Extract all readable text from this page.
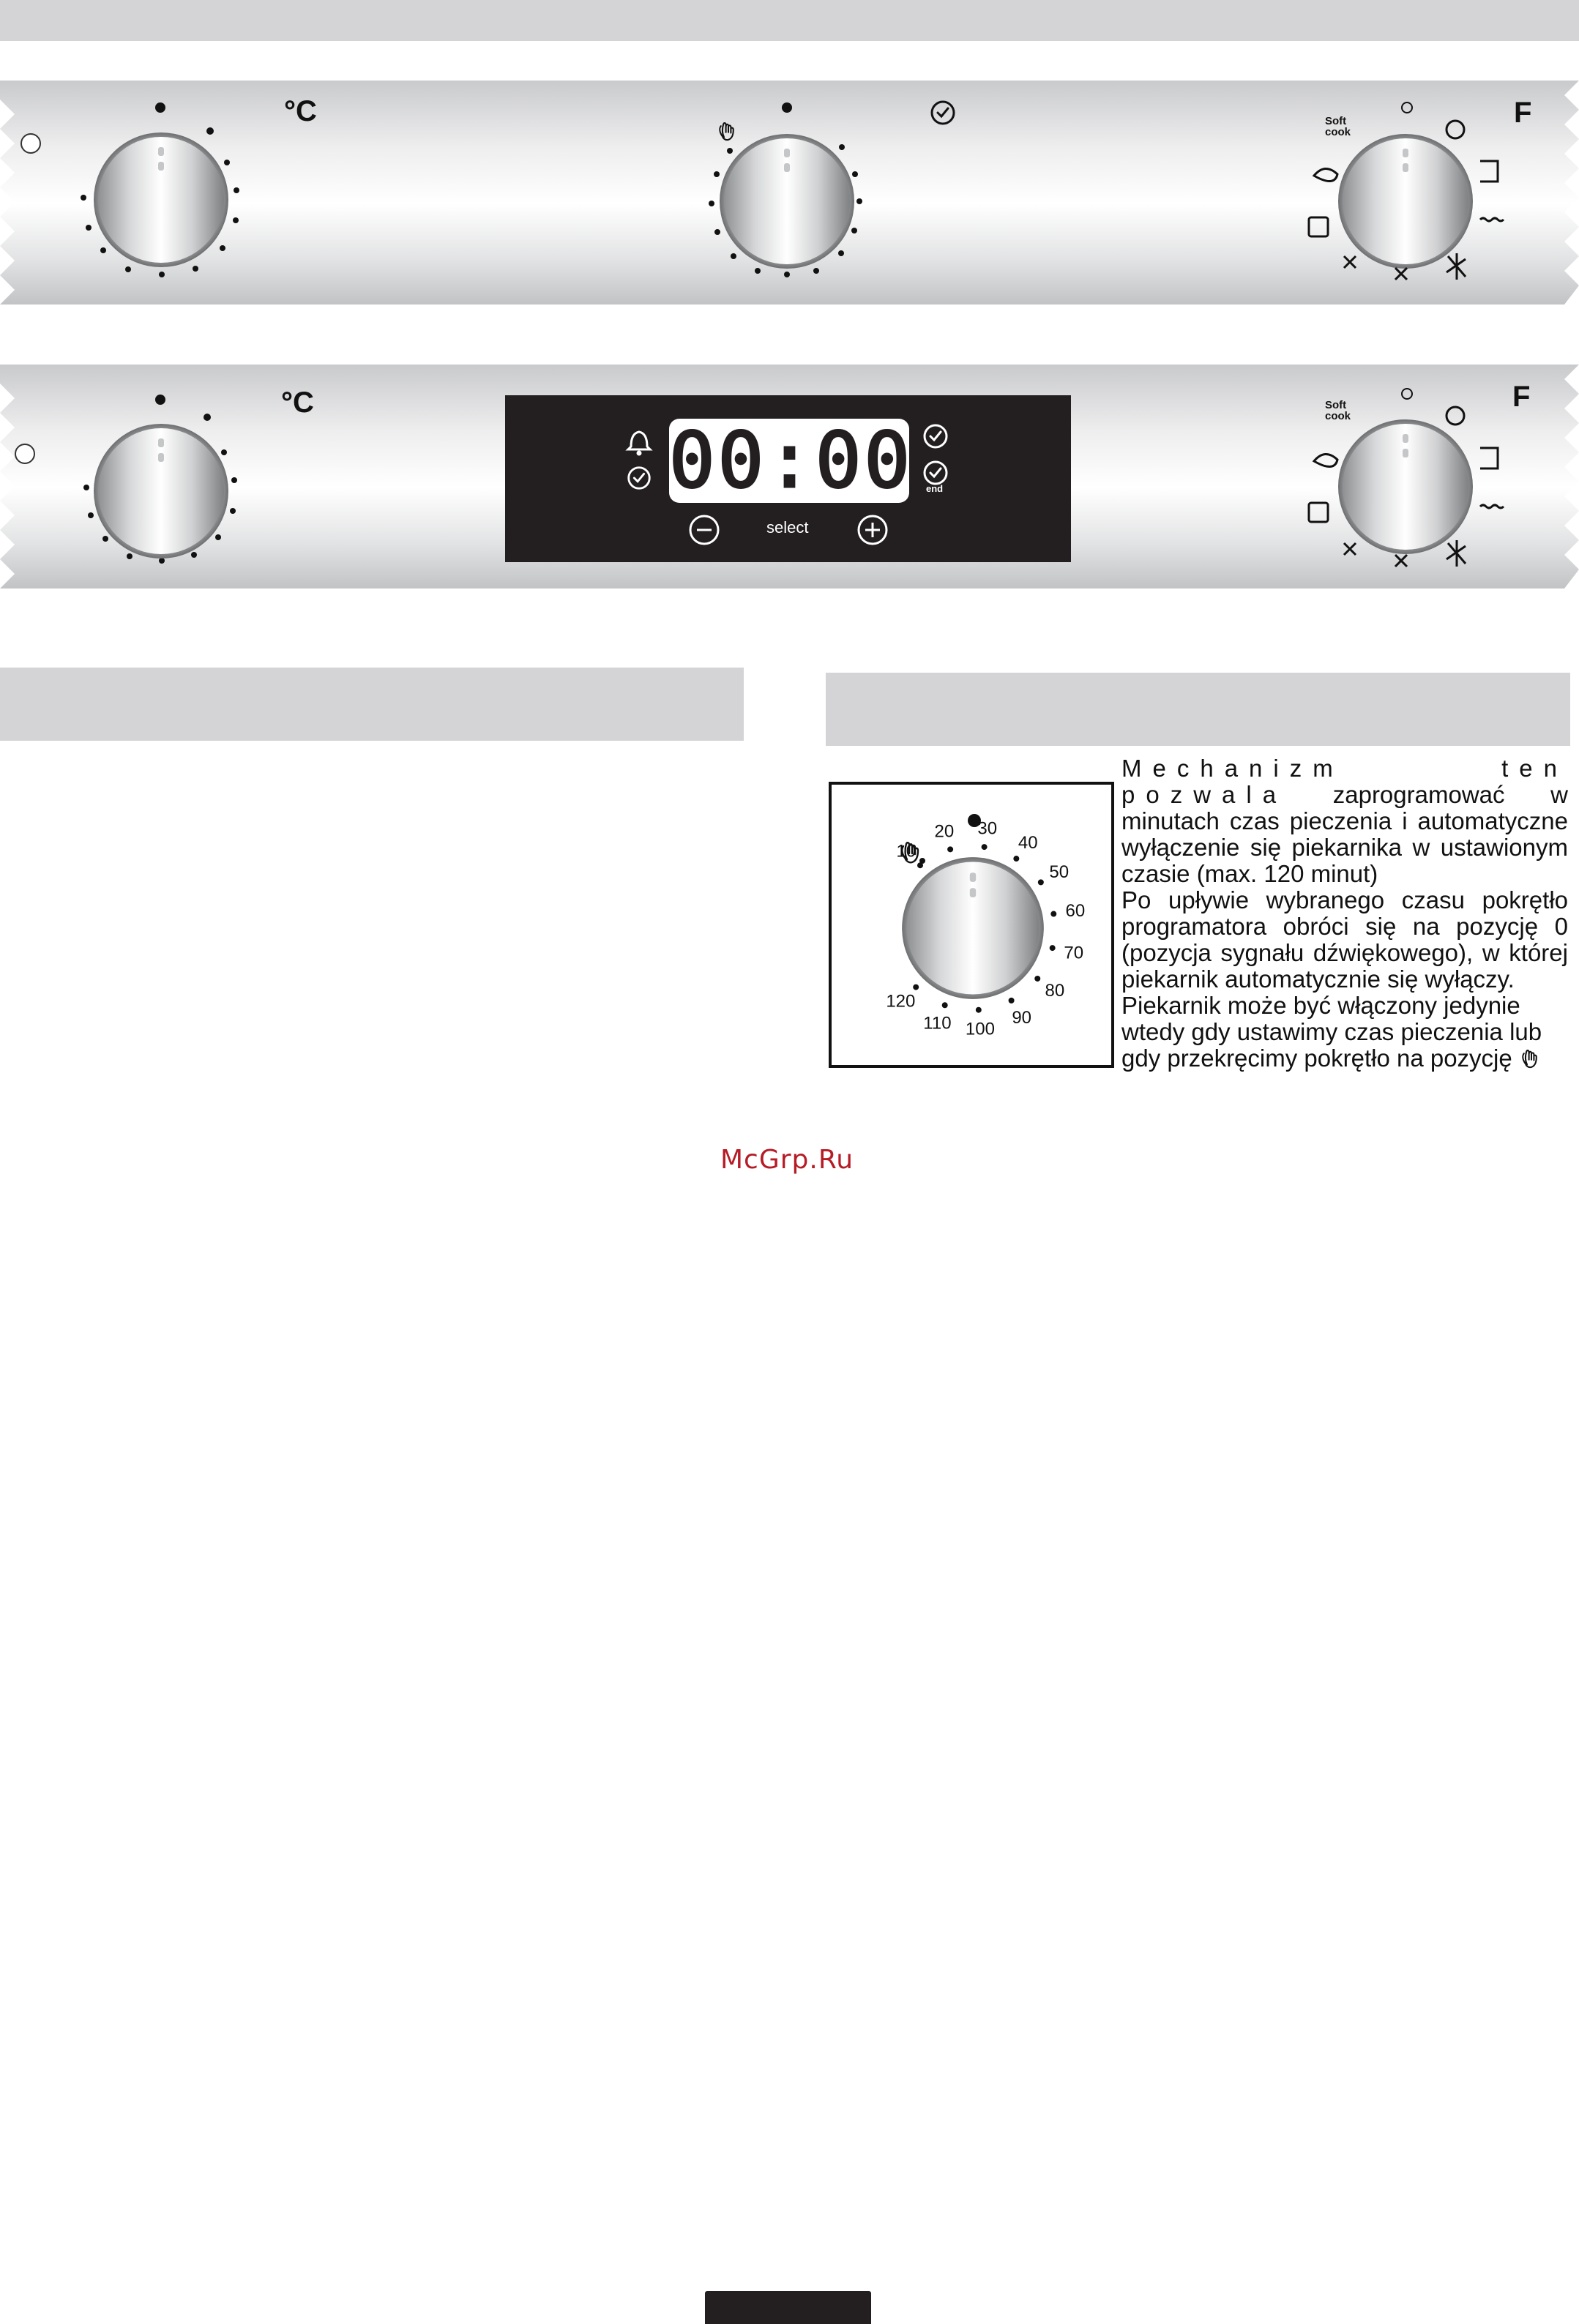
°C	F
Soft
cook
°C	F
Soft
cook
00:00 end
select
10
20 30
40
50
60
70
80
90
100
110
120

Mechanizm ten pozwala zaprogramować w minutach czas pieczenia i automatyczne wyłączenie się piekarnika w ustawionym czasie (max. 120 minut)

Po upływie wybranego czasu pokrętło programatora obróci się na pozycję 0 (pozycja sygnału dźwiękowego), w której piekarnik automatycznie się wyłączy.

Piekarnik może być włączony jedynie wtedy gdy ustawimy czas pieczenia lub gdy przekręcimy pokrętło na pozycję

McGrp.Ru
